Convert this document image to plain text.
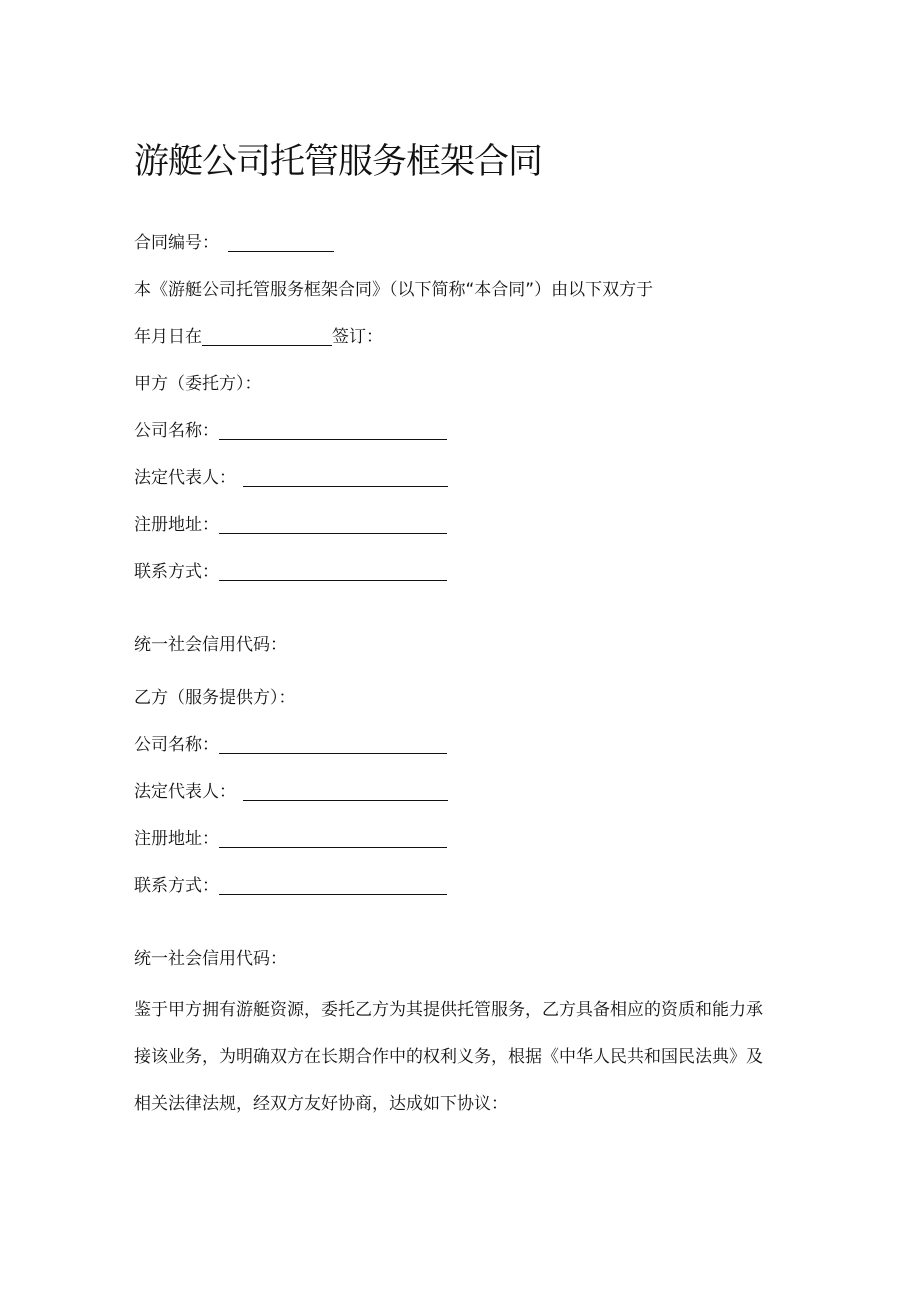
游艇公司托管服务框架合同
合同编号：
本《游艇公司托管服务框架合同》（以下简称“本合同”）由以下双方于
年月日在	签订：
甲方（委托方）：
公司名称：
法定代表人：
注册地址：
联系方式：
统一社会信用代码：
乙方（服务提供方）：
公司名称：
法定代表人：
注册地址：
联系方式：
统一社会信用代码：
鉴于甲方拥有游艇资源，委托乙方为其提供托管服务，乙方具备相应的资质和能力承
接该业务，为明确双方在长期合作中的权利义务，根据《中华人民共和国民法典》及
相关法律法规，经双方友好协商，达成如下协议：
